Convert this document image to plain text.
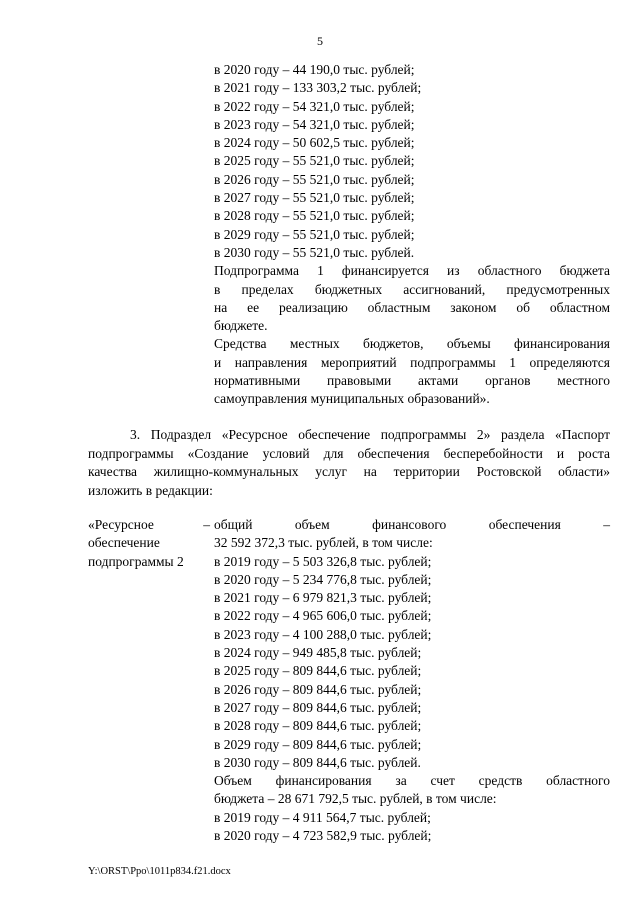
5
в 2020 году – 44 190,0 тыс. рублей;
в 2021 году – 133 303,2 тыс. рублей;
в 2022 году – 54 321,0 тыс. рублей;
в 2023 году – 54 321,0 тыс. рублей;
в 2024 году – 50 602,5 тыс. рублей;
в 2025 году – 55 521,0 тыс. рублей;
в 2026 году – 55 521,0 тыс. рублей;
в 2027 году – 55 521,0 тыс. рублей;
в 2028 году – 55 521,0 тыс. рублей;
в 2029 году – 55 521,0 тыс. рублей;
в 2030 году – 55 521,0 тыс. рублей.
Подпрограмма 1 финансируется из областного бюджета
в пределах бюджетных ассигнований, предусмотренных
на ее реализацию областным законом об областном
бюджете.
Средства местных бюджетов, объемы финансирования
и направления мероприятий подпрограммы 1 определяются
нормативными правовыми актами органов местного
самоуправления муниципальных образований».
3. Подраздел «Ресурсное обеспечение подпрограммы 2» раздела «Паспорт
подпрограммы «Создание условий для обеспечения бесперебойности и роста
качества жилищно-коммунальных услуг на территории Ростовской области»
изложить в редакции:
«Ресурсное	–
обеспечение
подпрограммы 2
общий объем финансового обеспечения –
32 592 372,3 тыс. рублей, в том числе:
в 2019 году – 5 503 326,8 тыс. рублей;
в 2020 году – 5 234 776,8 тыс. рублей;
в 2021 году – 6 979 821,3 тыс. рублей;
в 2022 году – 4 965 606,0 тыс. рублей;
в 2023 году – 4 100 288,0 тыс. рублей;
в 2024 году – 949 485,8 тыс. рублей;
в 2025 году – 809 844,6 тыс. рублей;
в 2026 году – 809 844,6 тыс. рублей;
в 2027 году – 809 844,6 тыс. рублей;
в 2028 году – 809 844,6 тыс. рублей;
в 2029 году – 809 844,6 тыс. рублей;
в 2030 году – 809 844,6 тыс. рублей.
Объем финансирования за счет средств областного
бюджета – 28 671 792,5 тыс. рублей, в том числе:
в 2019 году – 4 911 564,7 тыс. рублей;
в 2020 году – 4 723 582,9 тыс. рублей;
Y:\ORST\Ppo\1011p834.f21.docx
